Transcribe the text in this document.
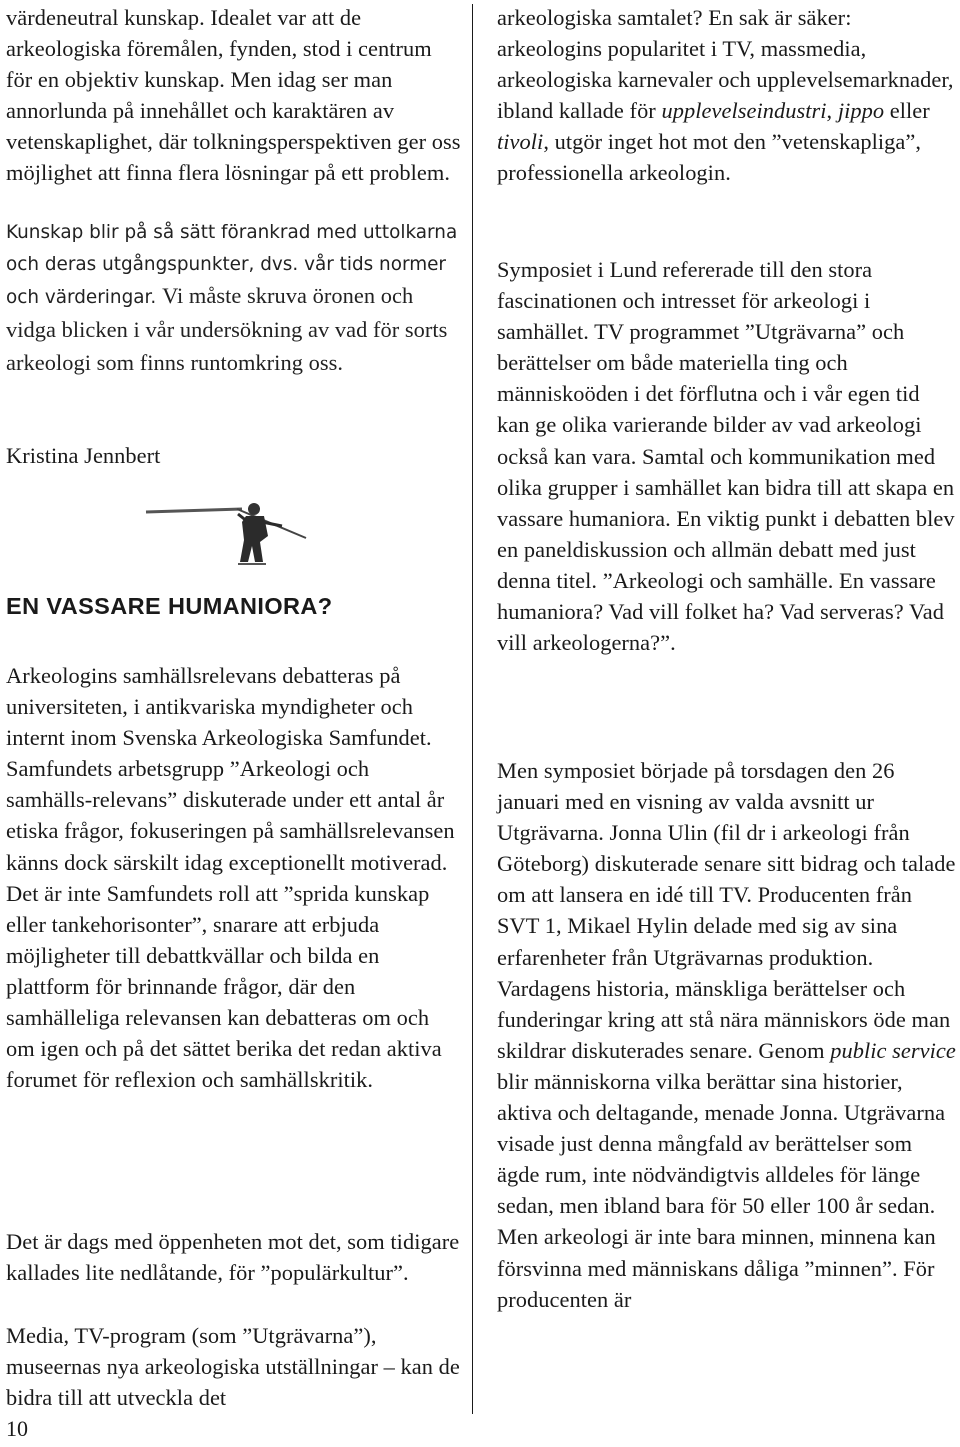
värdeneutral kunskap. Idealet var att de arkeologiska föremålen, fynden, stod i centrum för en objektiv kunskap. Men idag ser man annorlunda på innehållet och karaktären av vetenskaplighet, där tolkningsperspektiven ger oss möjlighet att finna flera lösningar på ett problem.

Kunskap blir på så sätt förankrad med uttolkarna och deras utgångspunkter, dvs. vår tids normer och värderingar. Vi måste skruva öronen och vidga blicken i vår undersökning av vad för sorts arkeologi som finns runtomkring oss.

Kristina Jennbert

EN VASSARE HUMANIORA?

Arkeologins samhällsrelevans debatteras på universiteten, i antikvariska myndigheter och internt inom Svenska Arkeologiska Samfundet. Samfundets arbetsgrupp ”Arkeologi och samhälls-relevans” diskuterade under ett antal år etiska frågor, fokuseringen på samhällsrelevansen känns dock särskilt idag exceptionellt motiverad. Det är inte Samfundets roll att ”sprida kunskap eller tankehorisonter”, snarare att erbjuda möjligheter till debattkvällar och bilda en plattform för brinnande frågor, där den samhälleliga relevansen kan debatteras om och om igen och på det sättet berika det redan aktiva forumet för reflexion och samhällskritik.

Det är dags med öppenheten mot det, som tidigare kallades lite nedlåtande, för ”populärkultur”.

Media, TV-program (som ”Utgrävarna”), museernas nya arkeologiska utställningar – kan de bidra till att utveckla det

arkeologiska samtalet? En sak är säker: arkeologins popularitet i TV, massmedia, arkeologiska karnevaler och upplevelsemarknader, ibland kallade för upplevelseindustri, jippo eller tivoli, utgör inget hot mot den ”vetenskapliga”, professionella arkeologin.

Symposiet i Lund refererade till den stora fascinationen och intresset för arkeologi i samhället. TV programmet ”Utgrävarna” och berättelser om både materiella ting och människoöden i det förflutna och i vår egen tid kan ge olika varierande bilder av vad arkeologi också kan vara. Samtal och kommunikation med olika grupper i samhället kan bidra till att skapa en vassare humaniora. En viktig punkt i debatten blev en paneldiskussion och allmän debatt med just denna titel. ”Arkeologi och samhälle. En vassare humaniora? Vad vill folket ha? Vad serveras? Vad vill arkeologerna?”.

Men symposiet började på torsdagen den 26 januari med en visning av valda avsnitt ur Utgrävarna. Jonna Ulin (fil dr i arkeologi från Göteborg) diskuterade senare sitt bidrag och talade om att lansera en idé till TV. Producenten från SVT 1, Mikael Hylin delade med sig av sina erfarenheter från Utgrävarnas produktion. Vardagens historia, mänskliga berättelser och funderingar kring att stå nära människors öde man skildrar diskuterades senare. Genom public service blir människorna vilka berättar sina historier, aktiva och deltagande, menade Jonna. Utgrävarna visade just denna mångfald av berättelser som ägde rum, inte nödvändigtvis alldeles för länge sedan, men ibland bara för 50 eller 100 år sedan. Men arkeologi är inte bara minnen, minnena kan försvinna med människans dåliga ”minnen”. För producenten är

10
